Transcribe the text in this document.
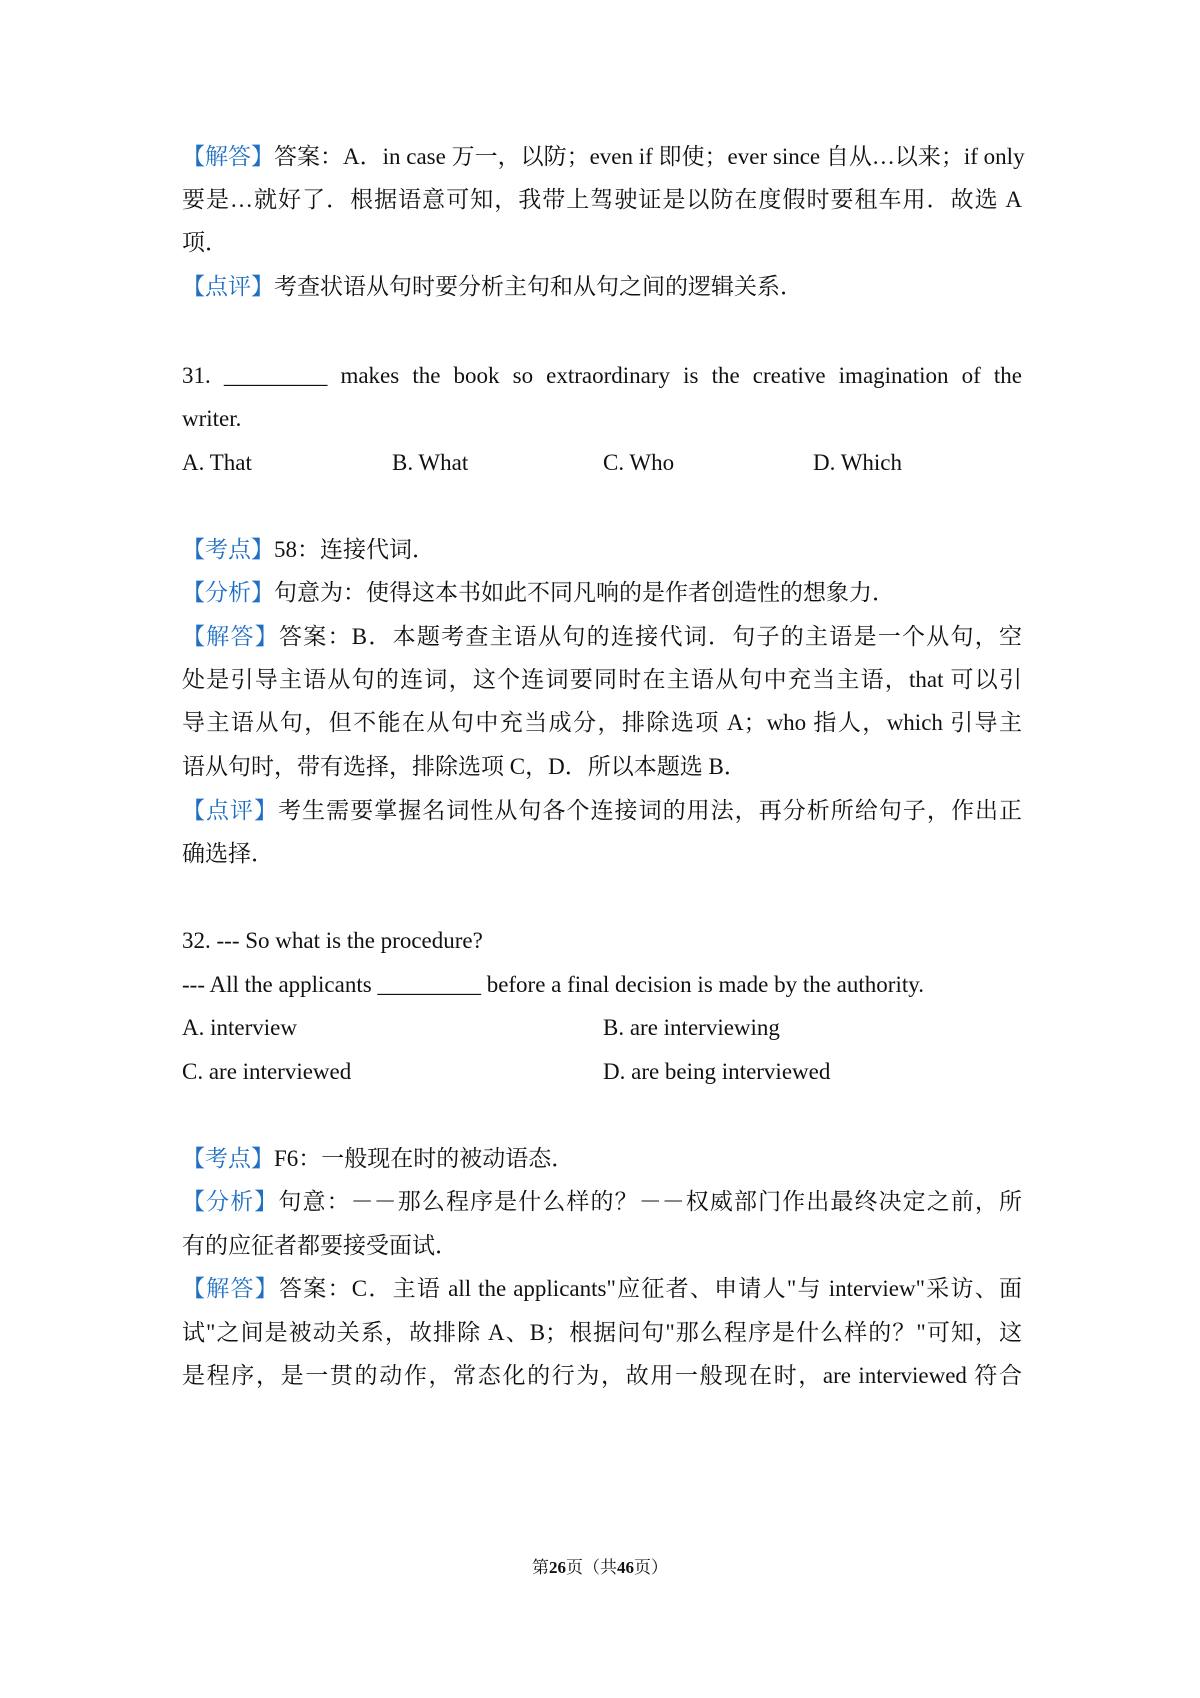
【解答】答案：A．in case 万一，以防；even if 即使；ever since 自从…以来；if only
要是…就好了．根据语意可知，我带上驾驶证是以防在度假时要租车用．故选 A
项．
【点评】考查状语从句时要分析主句和从句之间的逻辑关系．
31. _________ makes the book so extraordinary is the creative imagination of the
writer.
A. That	B. What	C. Who	D. Which
【考点】58：连接代词．
【分析】句意为：使得这本书如此不同凡响的是作者创造性的想象力．
【解答】答案：B．本题考查主语从句的连接代词．句子的主语是一个从句，空
处是引导主语从句的连词，这个连词要同时在主语从句中充当主语，that 可以引
导主语从句，但不能在从句中充当成分，排除选项 A；who 指人，which 引导主
语从句时，带有选择，排除选项 C，D．所以本题选 B．
【点评】考生需要掌握名词性从句各个连接词的用法，再分析所给句子，作出正
确选择．
32. --- So what is the procedure?
--- All the applicants _________ before a final decision is made by the authority.
A. interview	B. are interviewing
C. are interviewed	D. are being interviewed
【考点】F6：一般现在时的被动语态．
【分析】句意：－－那么程序是什么样的？－－权威部门作出最终决定之前，所
有的应征者都要接受面试．
【解答】答案：C．主语 all the applicants"应征者、申请人"与 interview"采访、面
试"之间是被动关系，故排除 A、B；根据问句"那么程序是什么样的？"可知，这
是程序，是一贯的动作，常态化的行为，故用一般现在时，are interviewed 符合
第26页（共46页）
